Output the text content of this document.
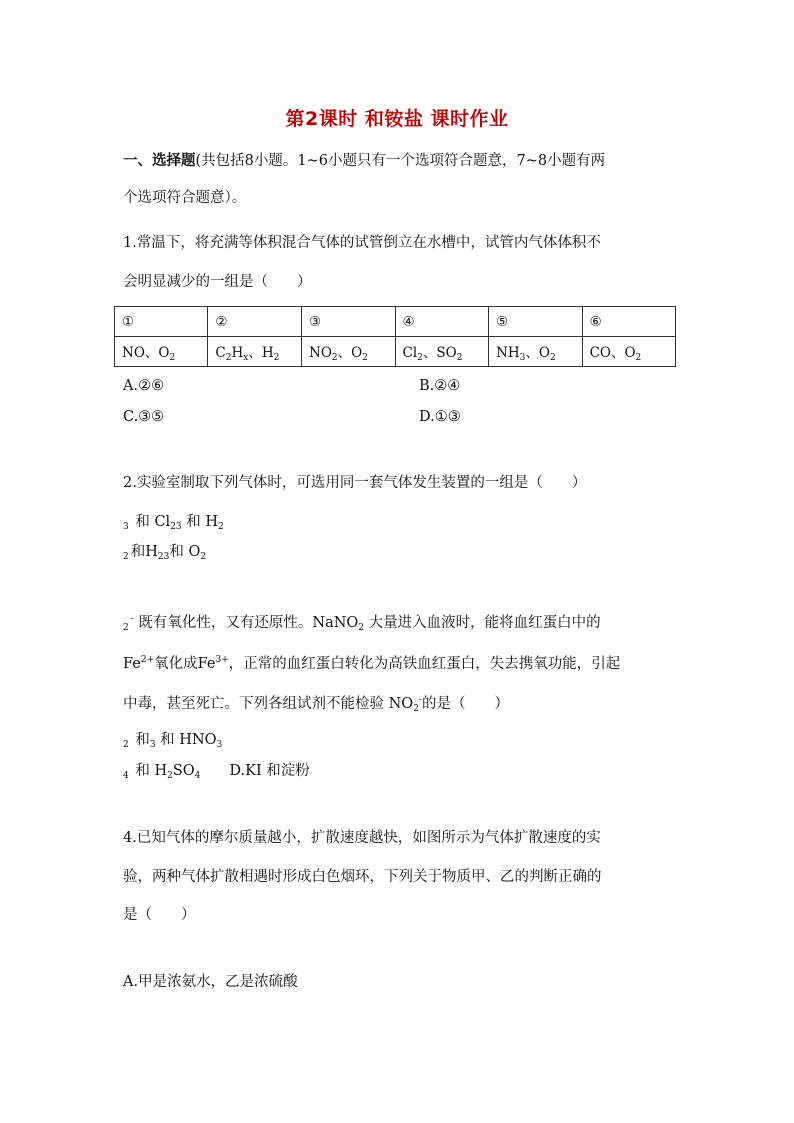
第2课时 和铵盐 课时作业
一、选择题(共包括8小题。1~6小题只有一个选项符合题意，7~8小题有两
个选项符合题意）。
1.常温下，将充满等体积混合气体的试管倒立在水槽中，试管内气体体积不
会明显减少的一组是（　　）
①	②	③	④	⑤	⑥
NO、$O_2$	$C_2H_x$、$H_2$	$NO_2$、$O_2$	$Cl_2$、$SO_2$	$NH_3$、$O_2$	CO、$O_2$
A.②⑥	B.②④
C.③⑤	D.①③
2.实验室制取下列气体时，可选用同一套气体发生装置的一组是（　　）
$_3$ 和 $Cl_{23}$ 和 $H_2$
$_2$ 和$H_{23}$和 $O_2$
$_2$- 既有氧化性，又有还原性。NaNO$_2$ 大量进入血液时，能将血红蛋白中的
$Fe^{2+}$氧化成$Fe^{3+}$，正常的血红蛋白转化为高铁血红蛋白，失去携氧功能，引起
中毒，甚至死亡。下列各组试剂不能检验 $NO_2^-$的是（　　）
$_2$ 和$_3$ 和 $HNO_3$
$_4$ 和 $H_2SO_4$　　D.KI 和淀粉
4.已知气体的摩尔质量越小，扩散速度越快，如图所示为气体扩散速度的实
验，两种气体扩散相遇时形成白色烟环，下列关于物质甲、乙的判断正确的
是（　　）
A.甲是浓氨水，乙是浓硫酸
